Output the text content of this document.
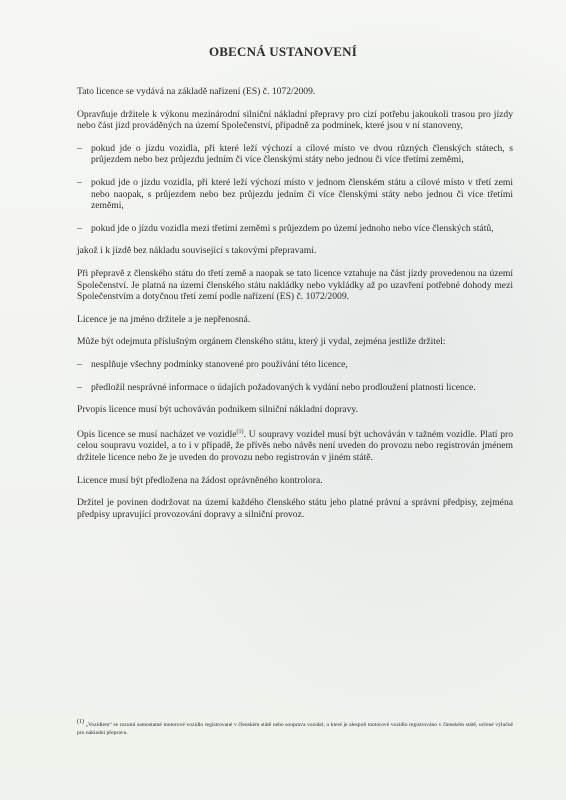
OBECNÁ USTANOVENÍ

Tato licence se vydává na základě nařízení (ES) č. 1072/2009.

Opravňuje držitele k výkonu mezinárodní silniční nákladní přepravy pro cizí potřebu jakoukoli trasou pro jízdy nebo část jízd prováděných na území Společenství, případně za podmínek, které jsou v ní stanoveny,

– pokud jde o jízdu vozidla, při které leží výchozí a cílové místo ve dvou různých členských státech, s průjezdem nebo bez průjezdu jedním či více členskými státy nebo jednou či více třetími zeměmi,
– pokud jde o jízdu vozidla, při které leží výchozí místo v jednom členském státu a cílové místo v třetí zemi nebo naopak, s průjezdem nebo bez průjezdu jedním či více členskými státy nebo jednou či více třetími zeměmi,
– pokud jde o jízdu vozidla mezi třetími zeměmi s průjezdem po území jednoho nebo více členských států,

jakož i k jízdě bez nákladu související s takovými přepravami.

Při přepravě z členského státu do třetí země a naopak se tato licence vztahuje na část jízdy provedenou na území Společenství. Je platná na území členského státu nakládky nebo vykládky až po uzavření potřebné dohody mezi Společenstvím a dotyčnou třetí zemí podle nařízení (ES) č. 1072/2009.

Licence je na jméno držitele a je nepřenosná.

Může být odejmuta příslušným orgánem členského státu, který ji vydal, zejména jestliže držitel:

– nesplňuje všechny podmínky stanovené pro používání této licence,
– předložil nesprávné informace o údajích požadovaných k vydání nebo prodloužení platnosti licence.

Prvopis licence musí být uchováván podnikem silniční nákladní dopravy.

Opis licence se musí nacházet ve vozidle$^{(1)}$. U soupravy vozidel musí být uchováván v tažném vozidle. Platí pro celou soupravu vozidel, a to i v případě, že přívěs nebo návěs není uveden do provozu nebo registrován jménem držitele licence nebo že je uveden do provozu nebo registrován v jiném státě.

Licence musí být předložena na žádost oprávněného kontrolora.

Držitel je povinen dodržovat na území každého členského státu jeho platné právní a správní předpisy, zejména předpisy upravující provozování dopravy a silniční provoz.

$^{(1)}$ „Vozidlem“ se rozumí samostatné motorové vozidlo registrované v členském státě nebo souprava vozidel, u které je alespoň motorové vozidlo registrováno v členském státě, určené výlučně pro nákladní přepravu.
